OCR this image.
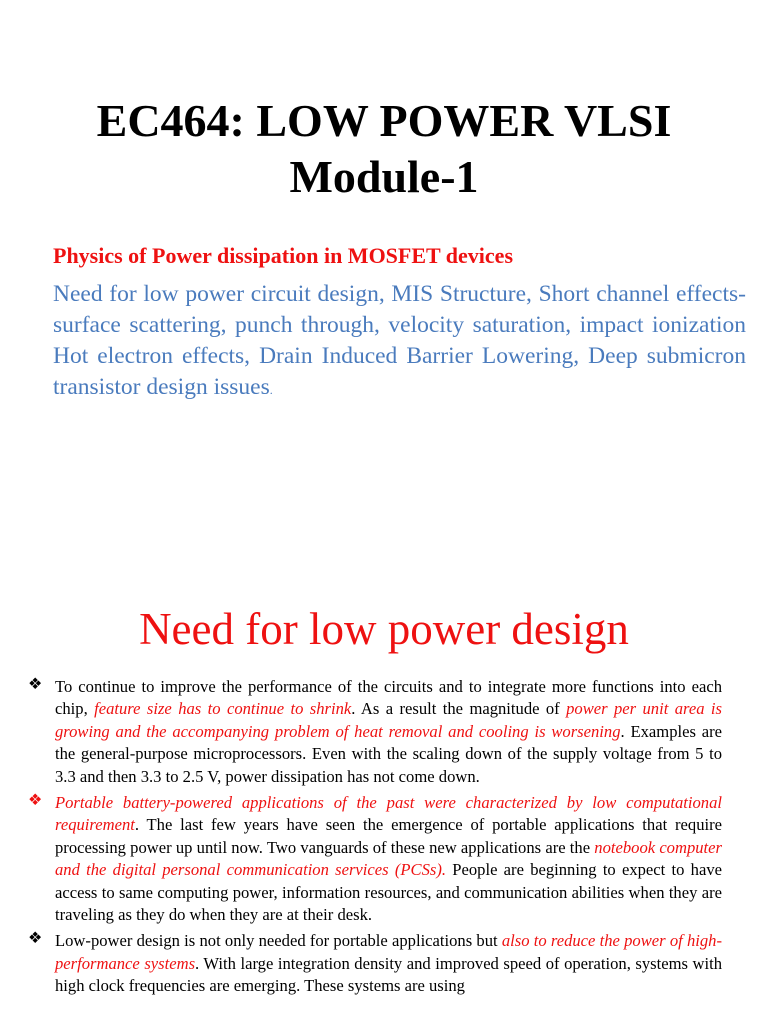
EC464: LOW POWER VLSI
Module-1
Physics of Power dissipation in MOSFET devices

Need for low power circuit design, MIS Structure, Short channel effects-surface scattering, punch through, velocity saturation, impact ionization Hot electron effects, Drain Induced Barrier Lowering, Deep submicron transistor design issues.

Need for low power design
❖ To continue to improve the performance of the circuits and to integrate more functions into each chip, feature size has to continue to shrink. As a result the magnitude of power per unit area is growing and the accompanying problem of heat removal and cooling is worsening. Examples are the general-purpose microprocessors. Even with the scaling down of the supply voltage from 5 to 3.3 and then 3.3 to 2.5 V, power dissipation has not come down.
❖ Portable battery-powered applications of the past were characterized by low computational requirement. The last few years have seen the emergence of portable applications that require processing power up until now. Two vanguards of these new applications are the notebook computer and the digital personal communication services (PCSs). People are beginning to expect to have access to same computing power, information resources, and communication abilities when they are traveling as they do when they are at their desk.
❖ Low-power design is not only needed for portable applications but also to reduce the power of high-performance systems. With large integration density and improved speed of operation, systems with high clock frequencies are emerging. These systems are using
